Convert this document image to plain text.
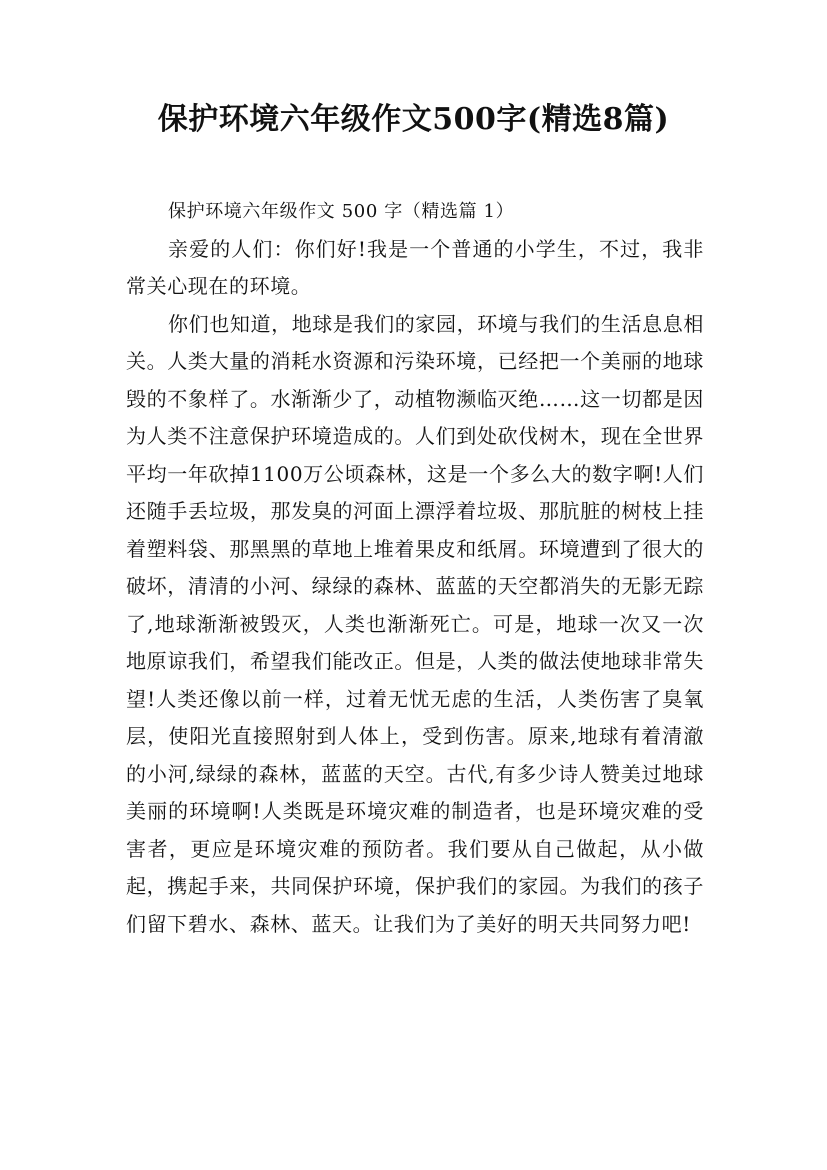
保护环境六年级作文500字(精选8篇)

保护环境六年级作文 500 字（精选篇 1）

亲爱的人们：你们好!我是一个普通的小学生，不过，我非常关心现在的环境。

你们也知道，地球是我们的家园，环境与我们的生活息息相关。人类大量的消耗水资源和污染环境，已经把一个美丽的地球毁的不象样了。水渐渐少了，动植物濒临灭绝……这一切都是因为人类不注意保护环境造成的。人们到处砍伐树木，现在全世界平均一年砍掉1100万公顷森林，这是一个多么大的数字啊!人们还随手丢垃圾，那发臭的河面上漂浮着垃圾、那肮脏的树枝上挂着塑料袋、那黑黑的草地上堆着果皮和纸屑。环境遭到了很大的破坏，清清的小河、绿绿的森林、蓝蓝的天空都消失的无影无踪了,地球渐渐被毁灭，人类也渐渐死亡。可是，地球一次又一次地原谅我们，希望我们能改正。但是，人类的做法使地球非常失望!人类还像以前一样，过着无忧无虑的生活，人类伤害了臭氧层，使阳光直接照射到人体上，受到伤害。原来,地球有着清澈的小河,绿绿的森林，蓝蓝的天空。古代,有多少诗人赞美过地球美丽的环境啊!人类既是环境灾难的制造者，也是环境灾难的受害者，更应是环境灾难的预防者。我们要从自己做起，从小做起，携起手来，共同保护环境，保护我们的家园。为我们的孩子们留下碧水、森林、蓝天。让我们为了美好的明天共同努力吧!
